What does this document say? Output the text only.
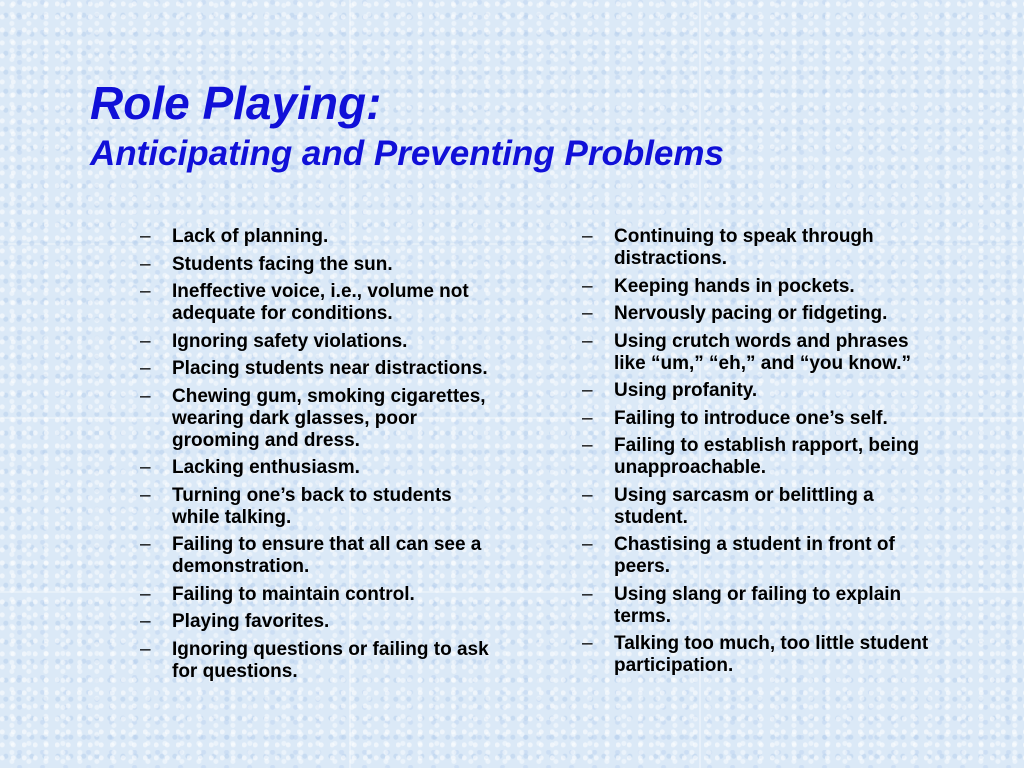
Role Playing:
Anticipating and Preventing Problems
– Lack of planning.
– Students facing the sun.
– Ineffective voice, i.e., volume not adequate for conditions.
– Ignoring safety violations.
– Placing students near distractions.
– Chewing gum, smoking cigarettes, wearing dark glasses, poor grooming and dress.
– Lacking enthusiasm.
– Turning one’s back to students while talking.
– Failing to ensure that all can see a demonstration.
– Failing to maintain control.
– Playing favorites.
– Ignoring questions or failing to ask for questions.
– Continuing to speak through distractions.
– Keeping hands in pockets.
– Nervously pacing or fidgeting.
– Using crutch words and phrases like “um,” “eh,” and “you know.”
– Using profanity.
– Failing to introduce one’s self.
– Failing to establish rapport, being unapproachable.
– Using sarcasm or belittling a student.
– Chastising a student in front of peers.
– Using slang or failing to explain terms.
– Talking too much, too little student participation.
